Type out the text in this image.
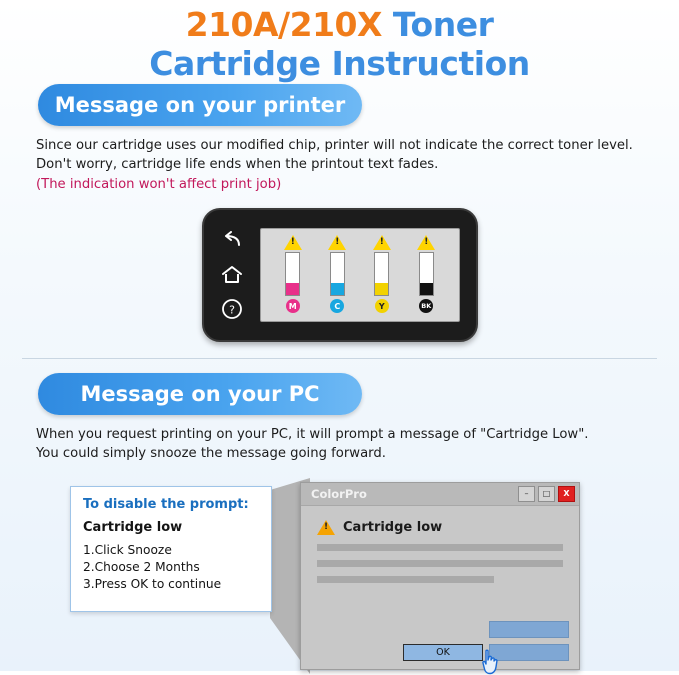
210A/210X Toner
Cartridge Instruction
Message on your printer
Since our cartridge uses our modified chip, printer will not indicate the correct toner level. Don't worry, cartridge life ends when the printout text fades.
(The indication won't affect print job)
?
!	M
!	C
!	Y
!	BK
Message on your PC
When you request printing on your PC, it will prompt a message of "Cartridge Low".
You could simply snooze the message going forward.
ColorPro	–	□	X
!
Cartridge low
OK
To disable the prompt:
Cartridge low
1.Click Snooze
2.Choose 2 Months
3.Press OK to continue
